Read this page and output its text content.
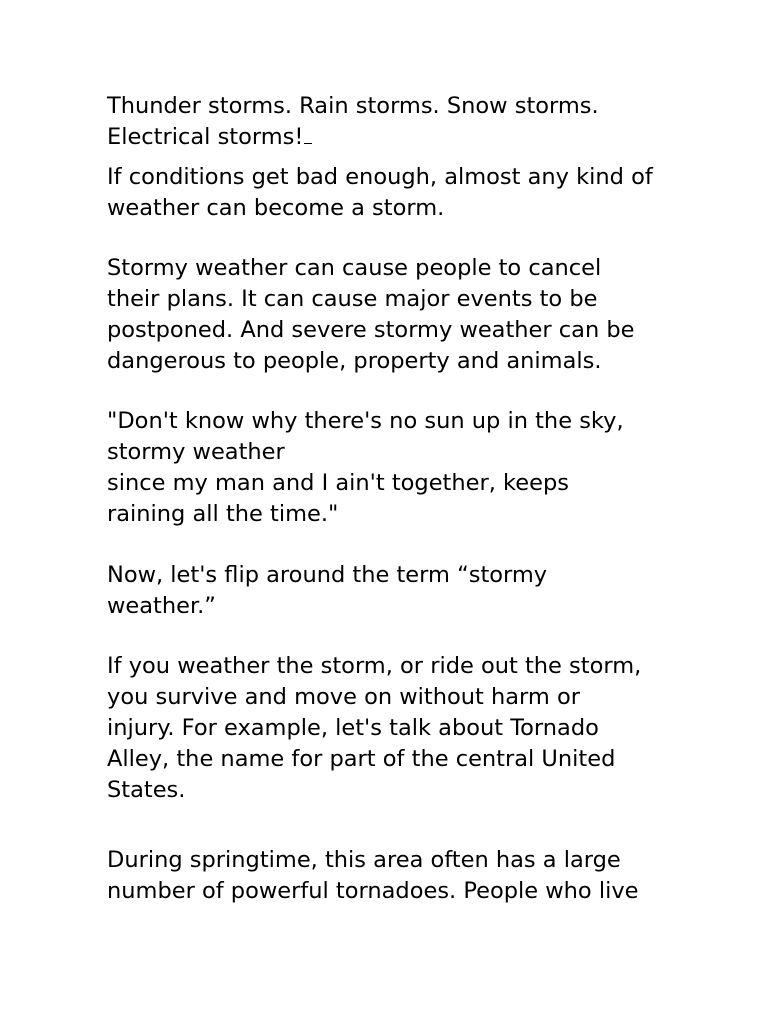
Thunder storms. Rain storms. Snow storms.
Electrical storms!

If conditions get bad enough, almost any kind of
weather can become a storm.

Stormy weather can cause people to cancel
their plans. It can cause major events to be
postponed. And severe stormy weather can be
dangerous to people, property and animals.

"Don't know why there's no sun up in the sky,
stormy weather
since my man and I ain't together, keeps
raining all the time."

Now, let's flip around the term “stormy
weather.”

If you weather the storm, or ride out the storm,
you survive and move on without harm or
injury. For example, let's talk about Tornado
Alley, the name for part of the central United
States.

During springtime, this area often has a large
number of powerful tornadoes. People who live
